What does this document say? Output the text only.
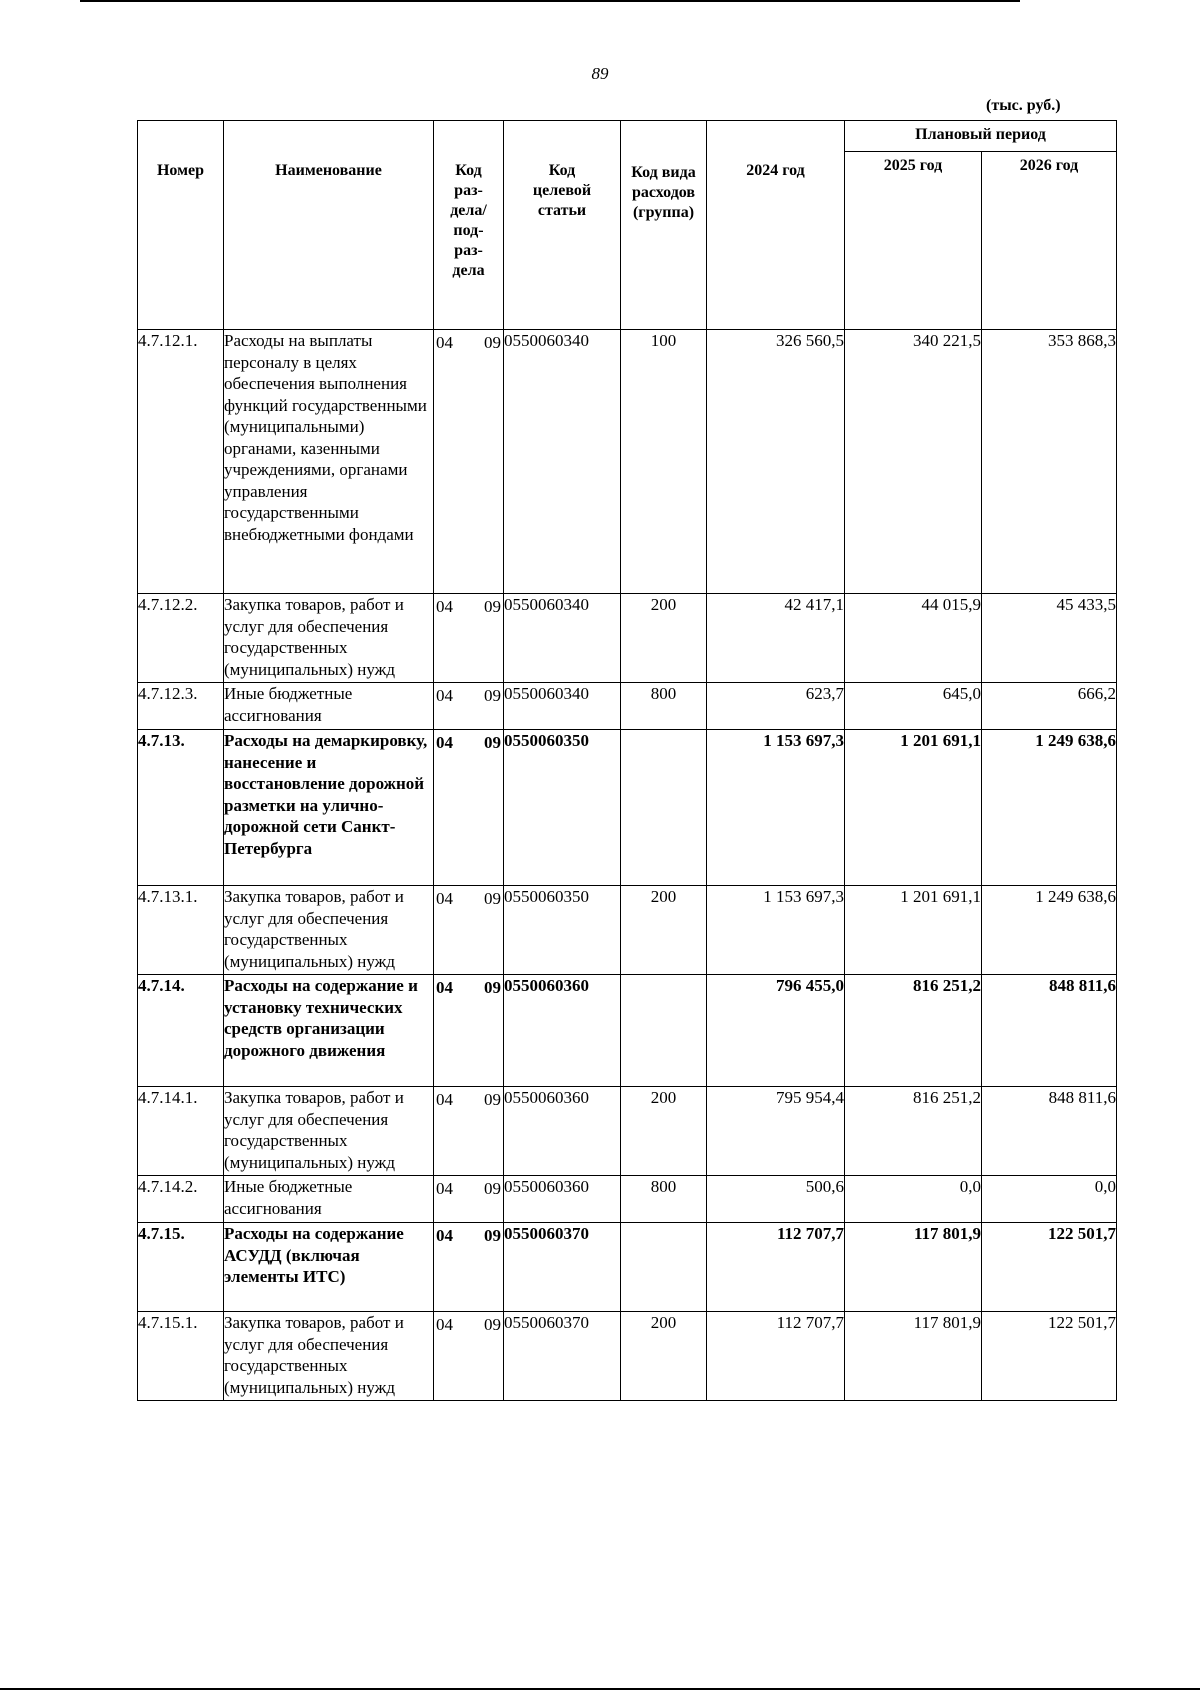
89
(тыс. руб.)
Номер	Наименование	Код раз-дела/ под-раз-дела	Код целевой статьи	Код вида расходов (группа)	2024 год	Плановый период	
						2025 год	2026 год
4.7.12.1.	Расходы на выплаты персоналу в целях обеспечения выполнения функций государственными (муниципальными) органами, казенными учреждениями, органами управления государственными внебюджетными фондами	04 09	0550060340	100	326 560,5	340 221,5	353 868,3
4.7.12.2.	Закупка товаров, работ и услуг для обеспечения государственных (муниципальных) нужд	04 09	0550060340	200	42 417,1	44 015,9	45 433,5
4.7.12.3.	Иные бюджетные ассигнования	04 09	0550060340	800	623,7	645,0	666,2
4.7.13.	Расходы на демаркировку, нанесение и восстановление дорожной разметки на улично-дорожной сети Санкт-Петербурга	04 09	0550060350		1 153 697,3	1 201 691,1	1 249 638,6
4.7.13.1.	Закупка товаров, работ и услуг для обеспечения государственных (муниципальных) нужд	04 09	0550060350	200	1 153 697,3	1 201 691,1	1 249 638,6
4.7.14.	Расходы на содержание и установку технических средств организации дорожного движения	04 09	0550060360		796 455,0	816 251,2	848 811,6
4.7.14.1.	Закупка товаров, работ и услуг для обеспечения государственных (муниципальных) нужд	04 09	0550060360	200	795 954,4	816 251,2	848 811,6
4.7.14.2.	Иные бюджетные ассигнования	04 09	0550060360	800	500,6	0,0	0,0
4.7.15.	Расходы на содержание АСУДД (включая элементы ИТС)	04 09	0550060370		112 707,7	117 801,9	122 501,7
4.7.15.1.	Закупка товаров, работ и услуг для обеспечения государственных (муниципальных) нужд	04 09	0550060370	200	112 707,7	117 801,9	122 501,7
